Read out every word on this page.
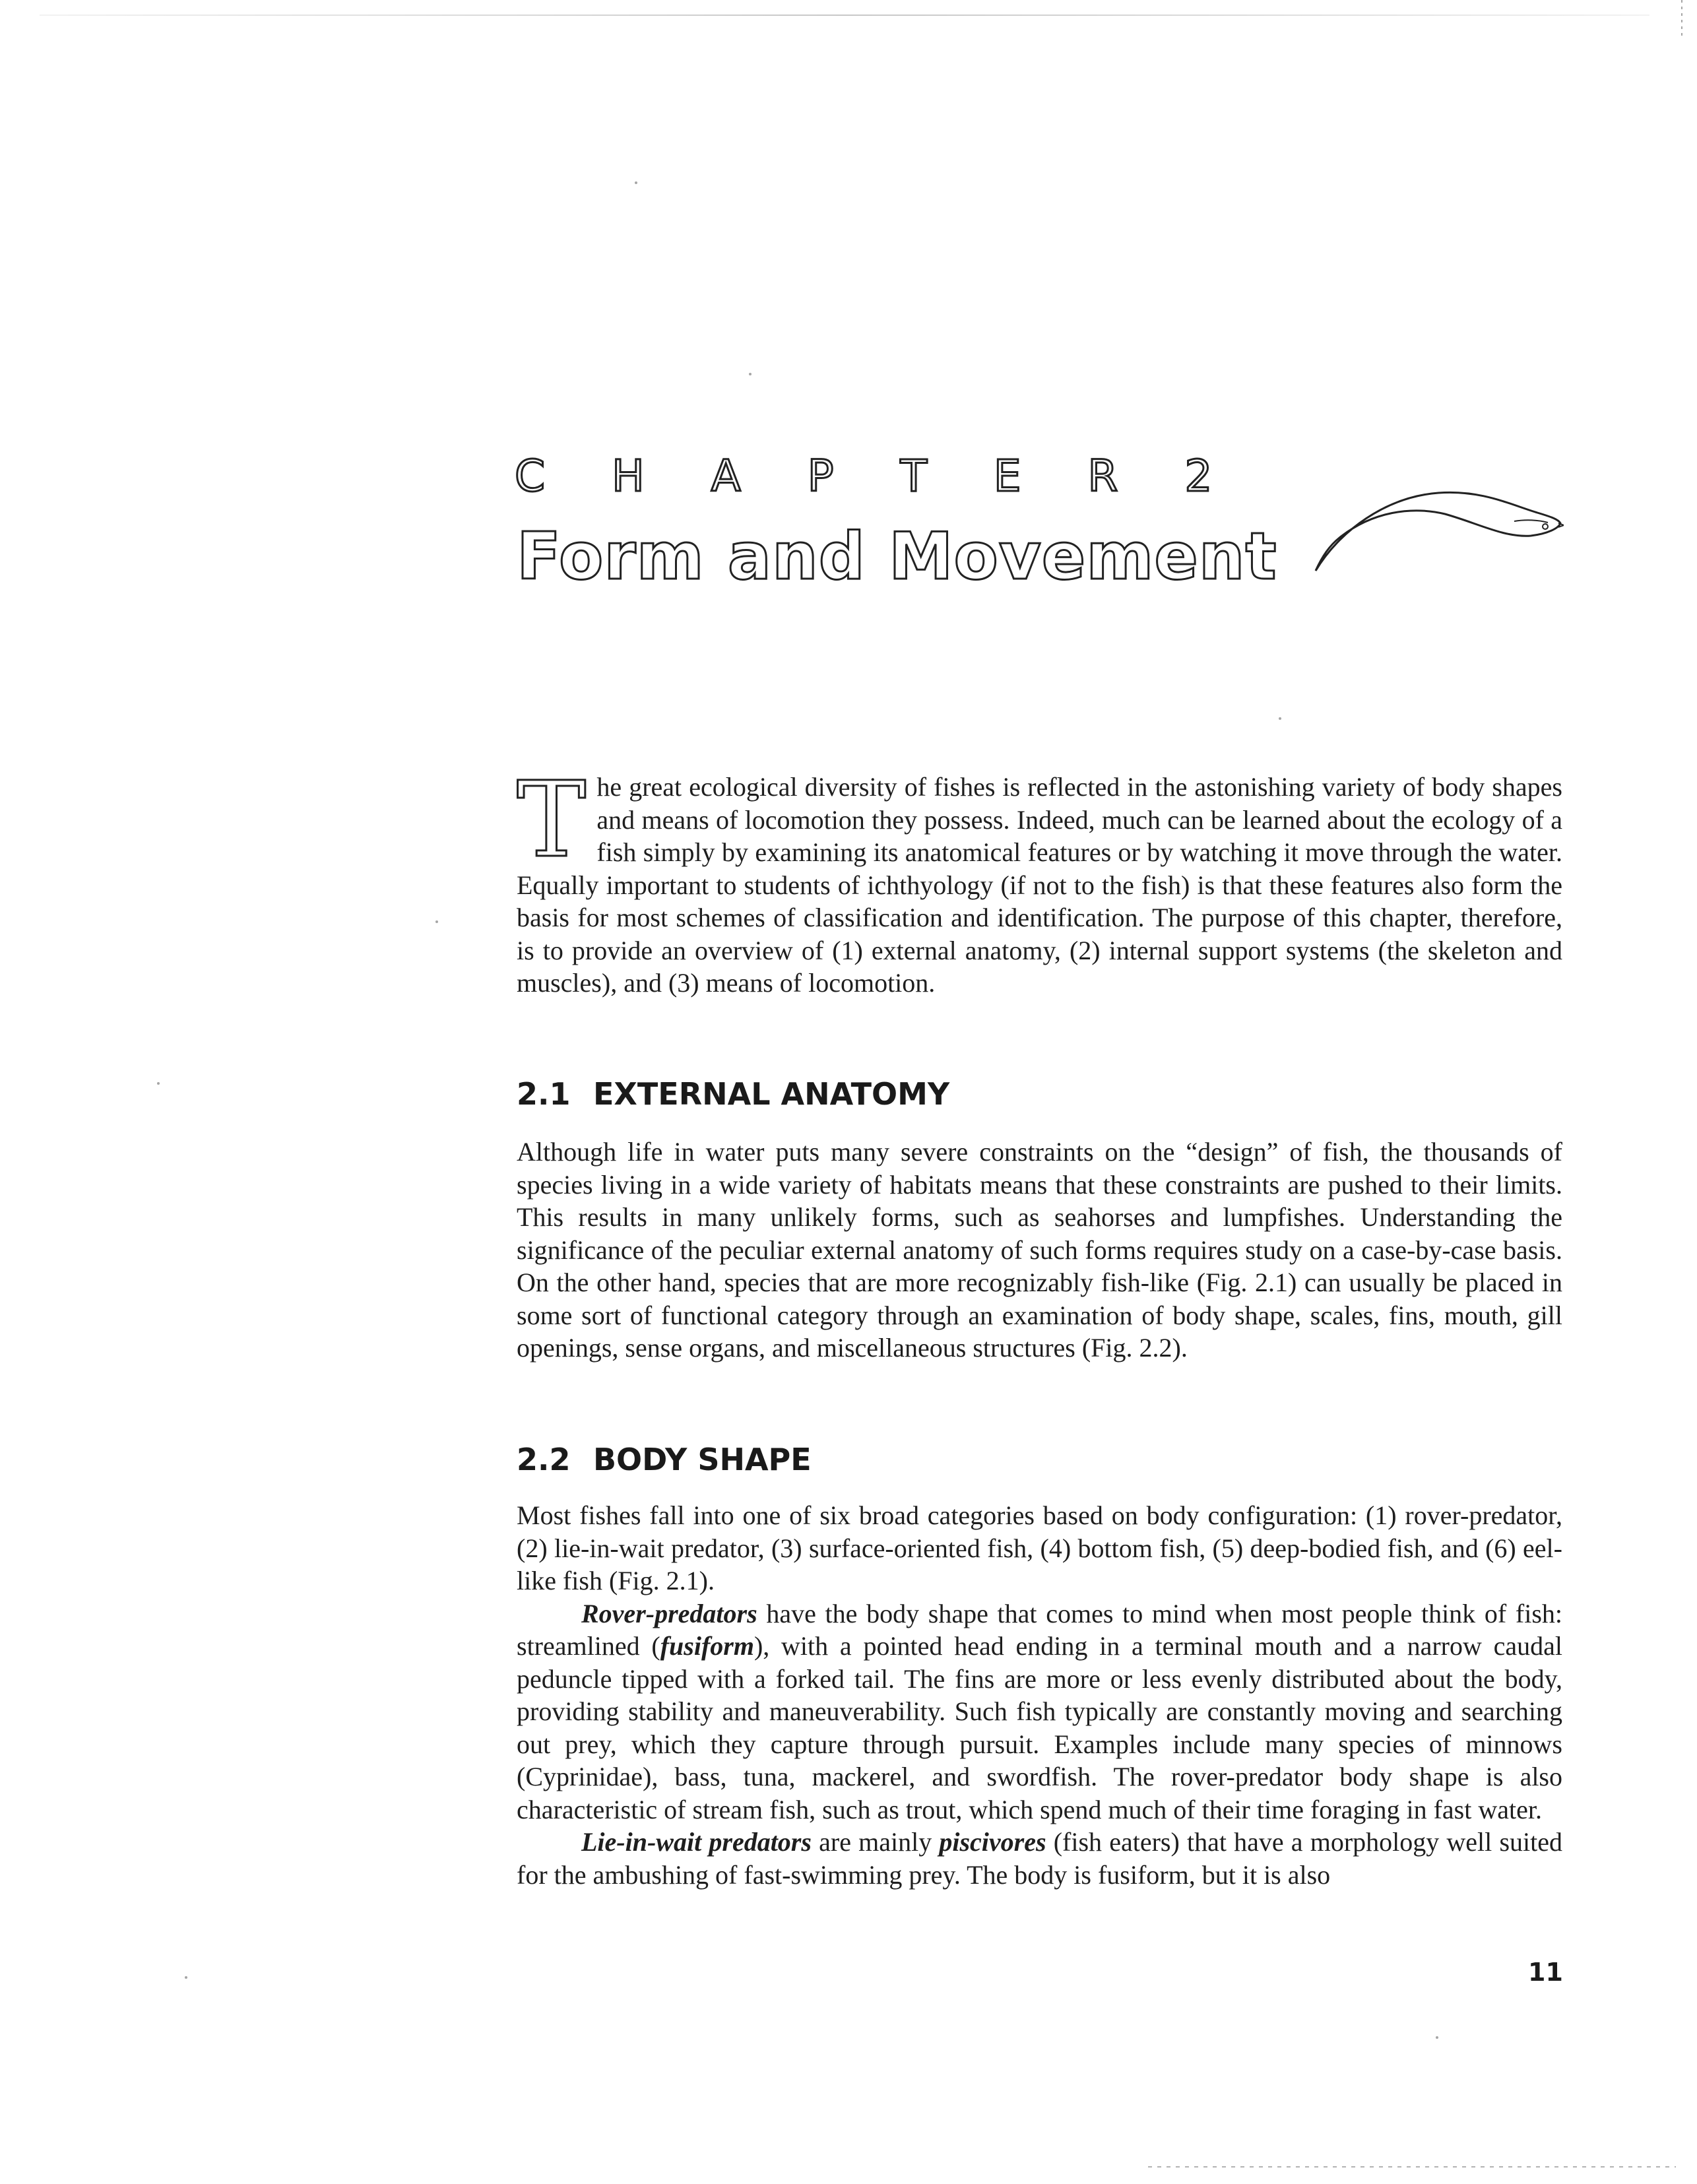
C H A P T E R 2
Form and Movement
The great ecological diversity of fishes is reflected in the astonishing variety of body shapes and means of locomotion they possess. Indeed, much can be learned about the ecology of a fish simply by examining its anatomical features or by watching it move through the water. Equally important to students of ichthyology (if not to the fish) is that these features also form the basis for most schemes of classification and identification. The purpose of this chapter, therefore, is to provide an overview of (1) external anatomy, (2) internal support systems (the skeleton and muscles), and (3) means of locomotion.
2.1 EXTERNAL ANATOMY

Although life in water puts many severe constraints on the “design” of fish, the thousands of species living in a wide variety of habitats means that these constraints are pushed to their limits. This results in many unlikely forms, such as seahorses and lumpfishes. Understanding the significance of the peculiar external anatomy of such forms requires study on a case-by-case basis. On the other hand, species that are more recognizably fish-like (Fig. 2.1) can usually be placed in some sort of functional category through an examination of body shape, scales, fins, mouth, gill openings, sense organs, and miscellaneous structures (Fig. 2.2).

2.2 BODY SHAPE

Most fishes fall into one of six broad categories based on body configuration: (1) rover-predator, (2) lie-in-wait predator, (3) surface-oriented fish, (4) bottom fish, (5) deep-bodied fish, and (6) eel-like fish (Fig. 2.1).

Rover-predators have the body shape that comes to mind when most people think of fish: streamlined (fusiform), with a pointed head ending in a terminal mouth and a narrow caudal peduncle tipped with a forked tail. The fins are more or less evenly distributed about the body, providing stability and maneuverability. Such fish typically are constantly moving and searching out prey, which they capture through pursuit. Examples include many species of minnows (Cyprinidae), bass, tuna, mackerel, and swordfish. The rover-predator body shape is also characteristic of stream fish, such as trout, which spend much of their time foraging in fast water.

Lie-in-wait predators are mainly piscivores (fish eaters) that have a morphology well suited for the ambushing of fast-swimming prey. The body is fusiform, but it is also

11
